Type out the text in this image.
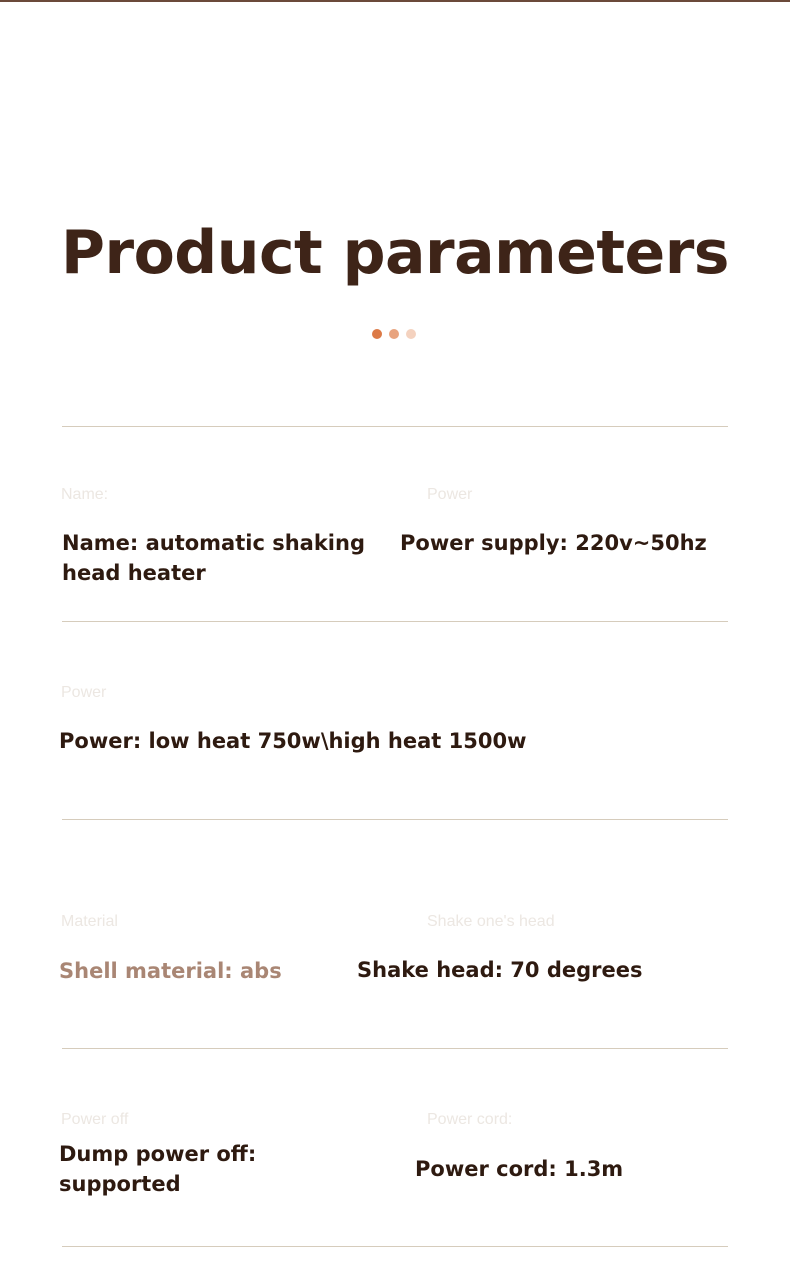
Product parameters
Name:
Name: automatic shaking head heater
Power
Power supply: 220v~50hz
Power
Power: low heat 750w\high heat 1500w
Material
Shell material: abs
Shake one's head
Shake head: 70 degrees
Power off
Dump power off: supported
Power cord:
Power cord: 1.3m
